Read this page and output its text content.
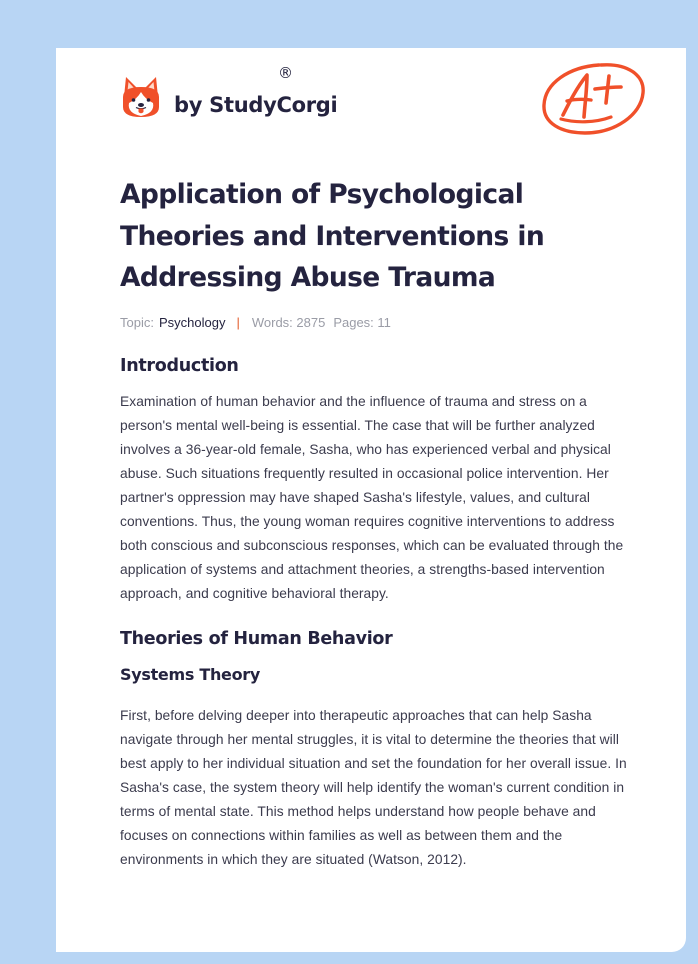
by StudyCorgi
®
Application of Psychological Theories and Interventions in Addressing Abuse Trauma
Topic: Psychology | Words: 2875 Pages: 11
Introduction

Examination of human behavior and the influence of trauma and stress on a person's mental well-being is essential. The case that will be further analyzed involves a 36-year-old female, Sasha, who has experienced verbal and physical abuse. Such situations frequently resulted in occasional police intervention. Her partner's oppression may have shaped Sasha's lifestyle, values, and cultural conventions. Thus, the young woman requires cognitive interventions to address both conscious and subconscious responses, which can be evaluated through the application of systems and attachment theories, a strengths-based intervention approach, and cognitive behavioral therapy.

Theories of Human Behavior
Systems Theory

First, before delving deeper into therapeutic approaches that can help Sasha navigate through her mental struggles, it is vital to determine the theories that will best apply to her individual situation and set the foundation for her overall issue. In Sasha's case, the system theory will help identify the woman's current condition in terms of mental state. This method helps understand how people behave and focuses on connections within families as well as between them and the environments in which they are situated (Watson, 2012).
